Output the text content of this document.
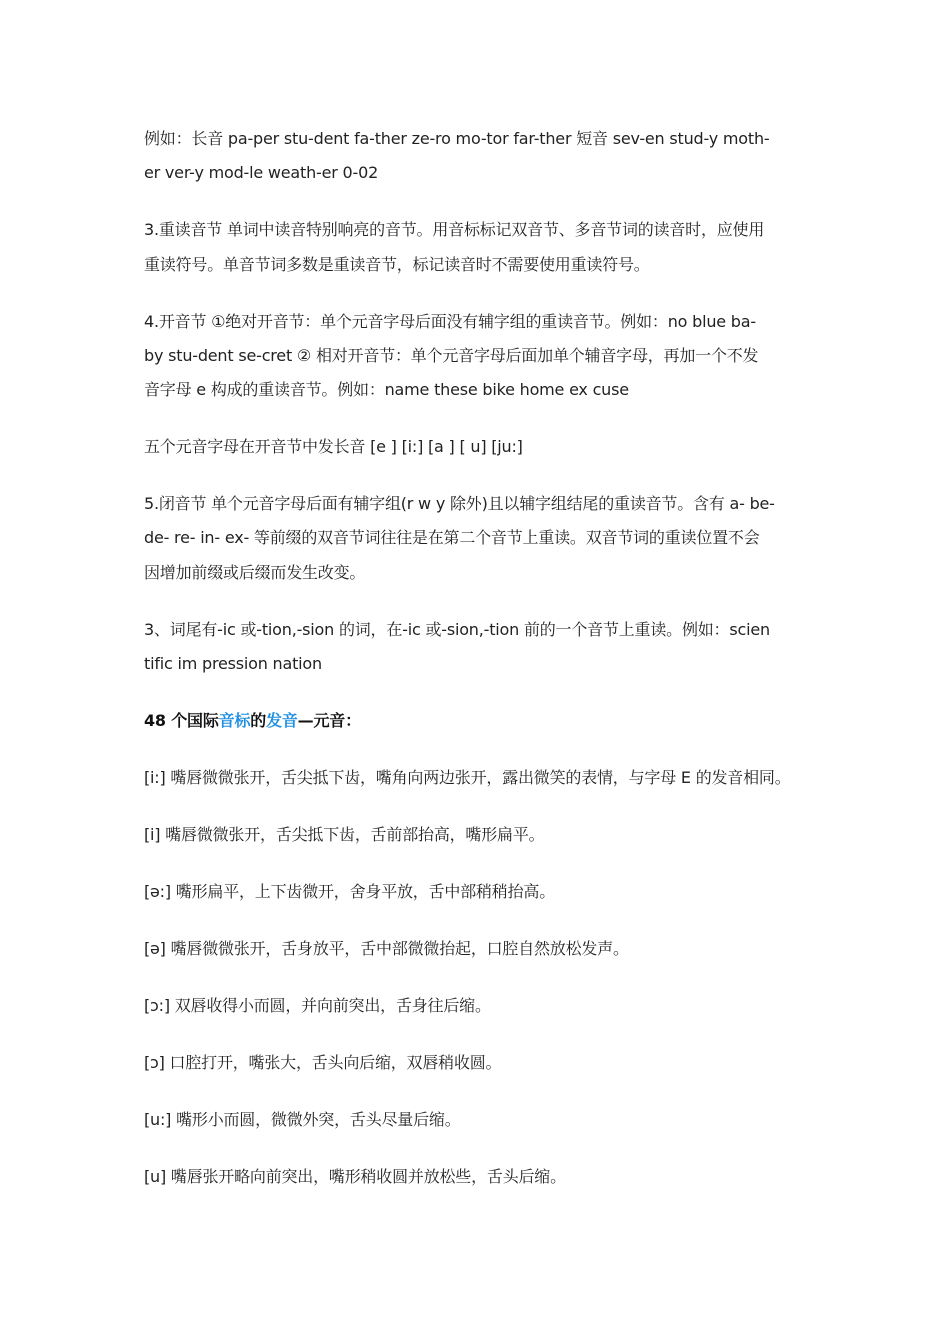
例如：长音 pa-per stu-dent fa-ther ze-ro mo-tor far-ther 短音 sev-en stud-y moth-
er ver-y mod-le weath-er 0-02
3.重读音节 单词中读音特别响亮的音节。用音标标记双音节、多音节词的读音时，应使用
重读符号。单音节词多数是重读音节，标记读音时不需要使用重读符号。
4.开音节 ①绝对开音节：单个元音字母后面没有辅字组的重读音节。例如：no blue ba-
by stu-dent se-cret ② 相对开音节：单个元音字母后面加单个辅音字母，再加一个不发
音字母 e 构成的重读音节。例如：name these bike home ex cuse
五个元音字母在开音节中发长音 [e ] [i:] [a ] [ u] [ju:]
5.闭音节 单个元音字母后面有辅字组(r w y 除外)且以辅字组结尾的重读音节。含有 a- be-
de- re- in- ex- 等前缀的双音节词往往是在第二个音节上重读。双音节词的重读位置不会
因增加前缀或后缀而发生改变。
3、词尾有-ic 或-tion,-sion 的词，在-ic 或-sion,-tion 前的一个音节上重读。例如：scien
tific im pression nation
48 个国际音标的发音—元音：
[i:] 嘴唇微微张开，舌尖抵下齿，嘴角向两边张开，露出微笑的表情，与字母 E 的发音相同。
[i] 嘴唇微微张开，舌尖抵下齿，舌前部抬高，嘴形扁平。
[ə:] 嘴形扁平，上下齿微开，舍身平放，舌中部稍稍抬高。
[ə] 嘴唇微微张开，舌身放平，舌中部微微抬起，口腔自然放松发声。
[ɔ:] 双唇收得小而圆，并向前突出，舌身往后缩。
[ɔ] 口腔打开，嘴张大，舌头向后缩，双唇稍收圆。
[u:] 嘴形小而圆，微微外突，舌头尽量后缩。
[u] 嘴唇张开略向前突出，嘴形稍收圆并放松些，舌头后缩。
